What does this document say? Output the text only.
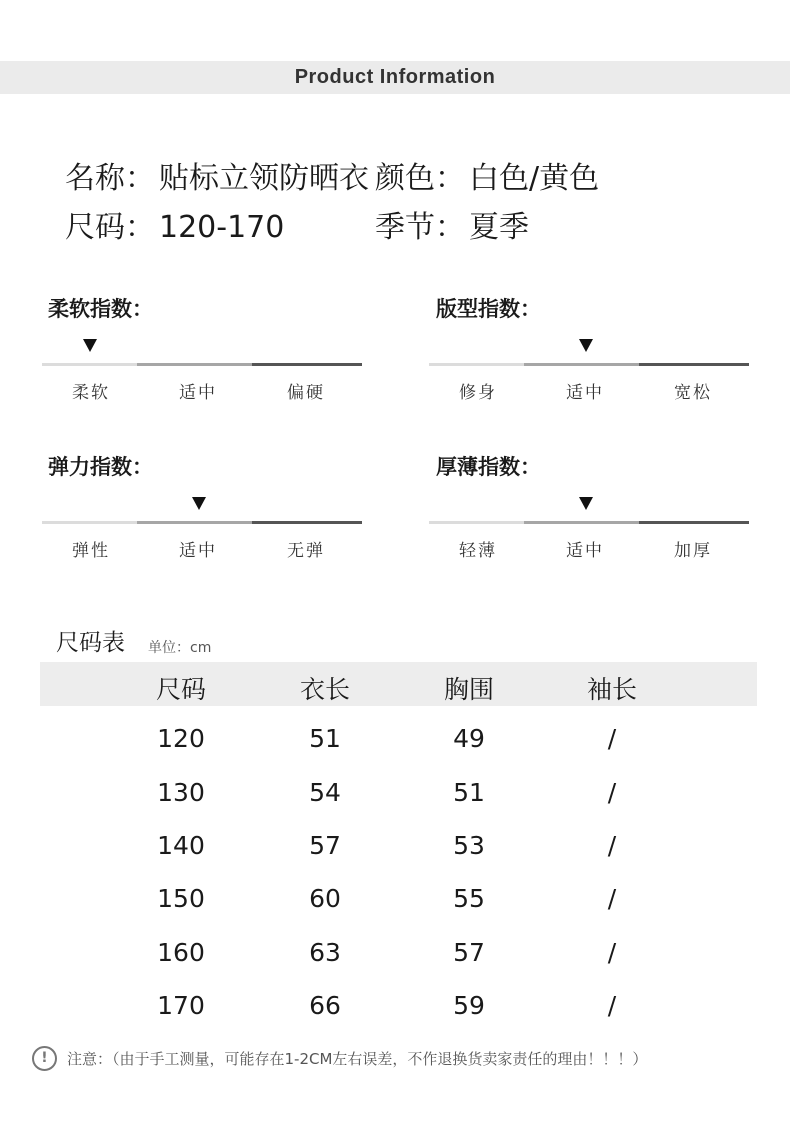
Product Information
名称： 贴标立领防晒衣 颜色： 白色/黄色
尺码： 120-170	季节： 夏季
柔软指数：
柔软	适中	偏硬
版型指数：
修身	适中	宽松
弹力指数：
弹性	适中	无弹
厚薄指数：
轻薄	适中	加厚
尺码表 单位：cm
尺码	衣长	胸围	袖长
120	51	49	/
130	54	51	/
140	57	53	/
150	60	55	/
160	63	57	/
170	66	59	/
! 注意：（由于手工测量，可能存在1-2CM左右误差，不作退换货卖家责任的理由！！！）
